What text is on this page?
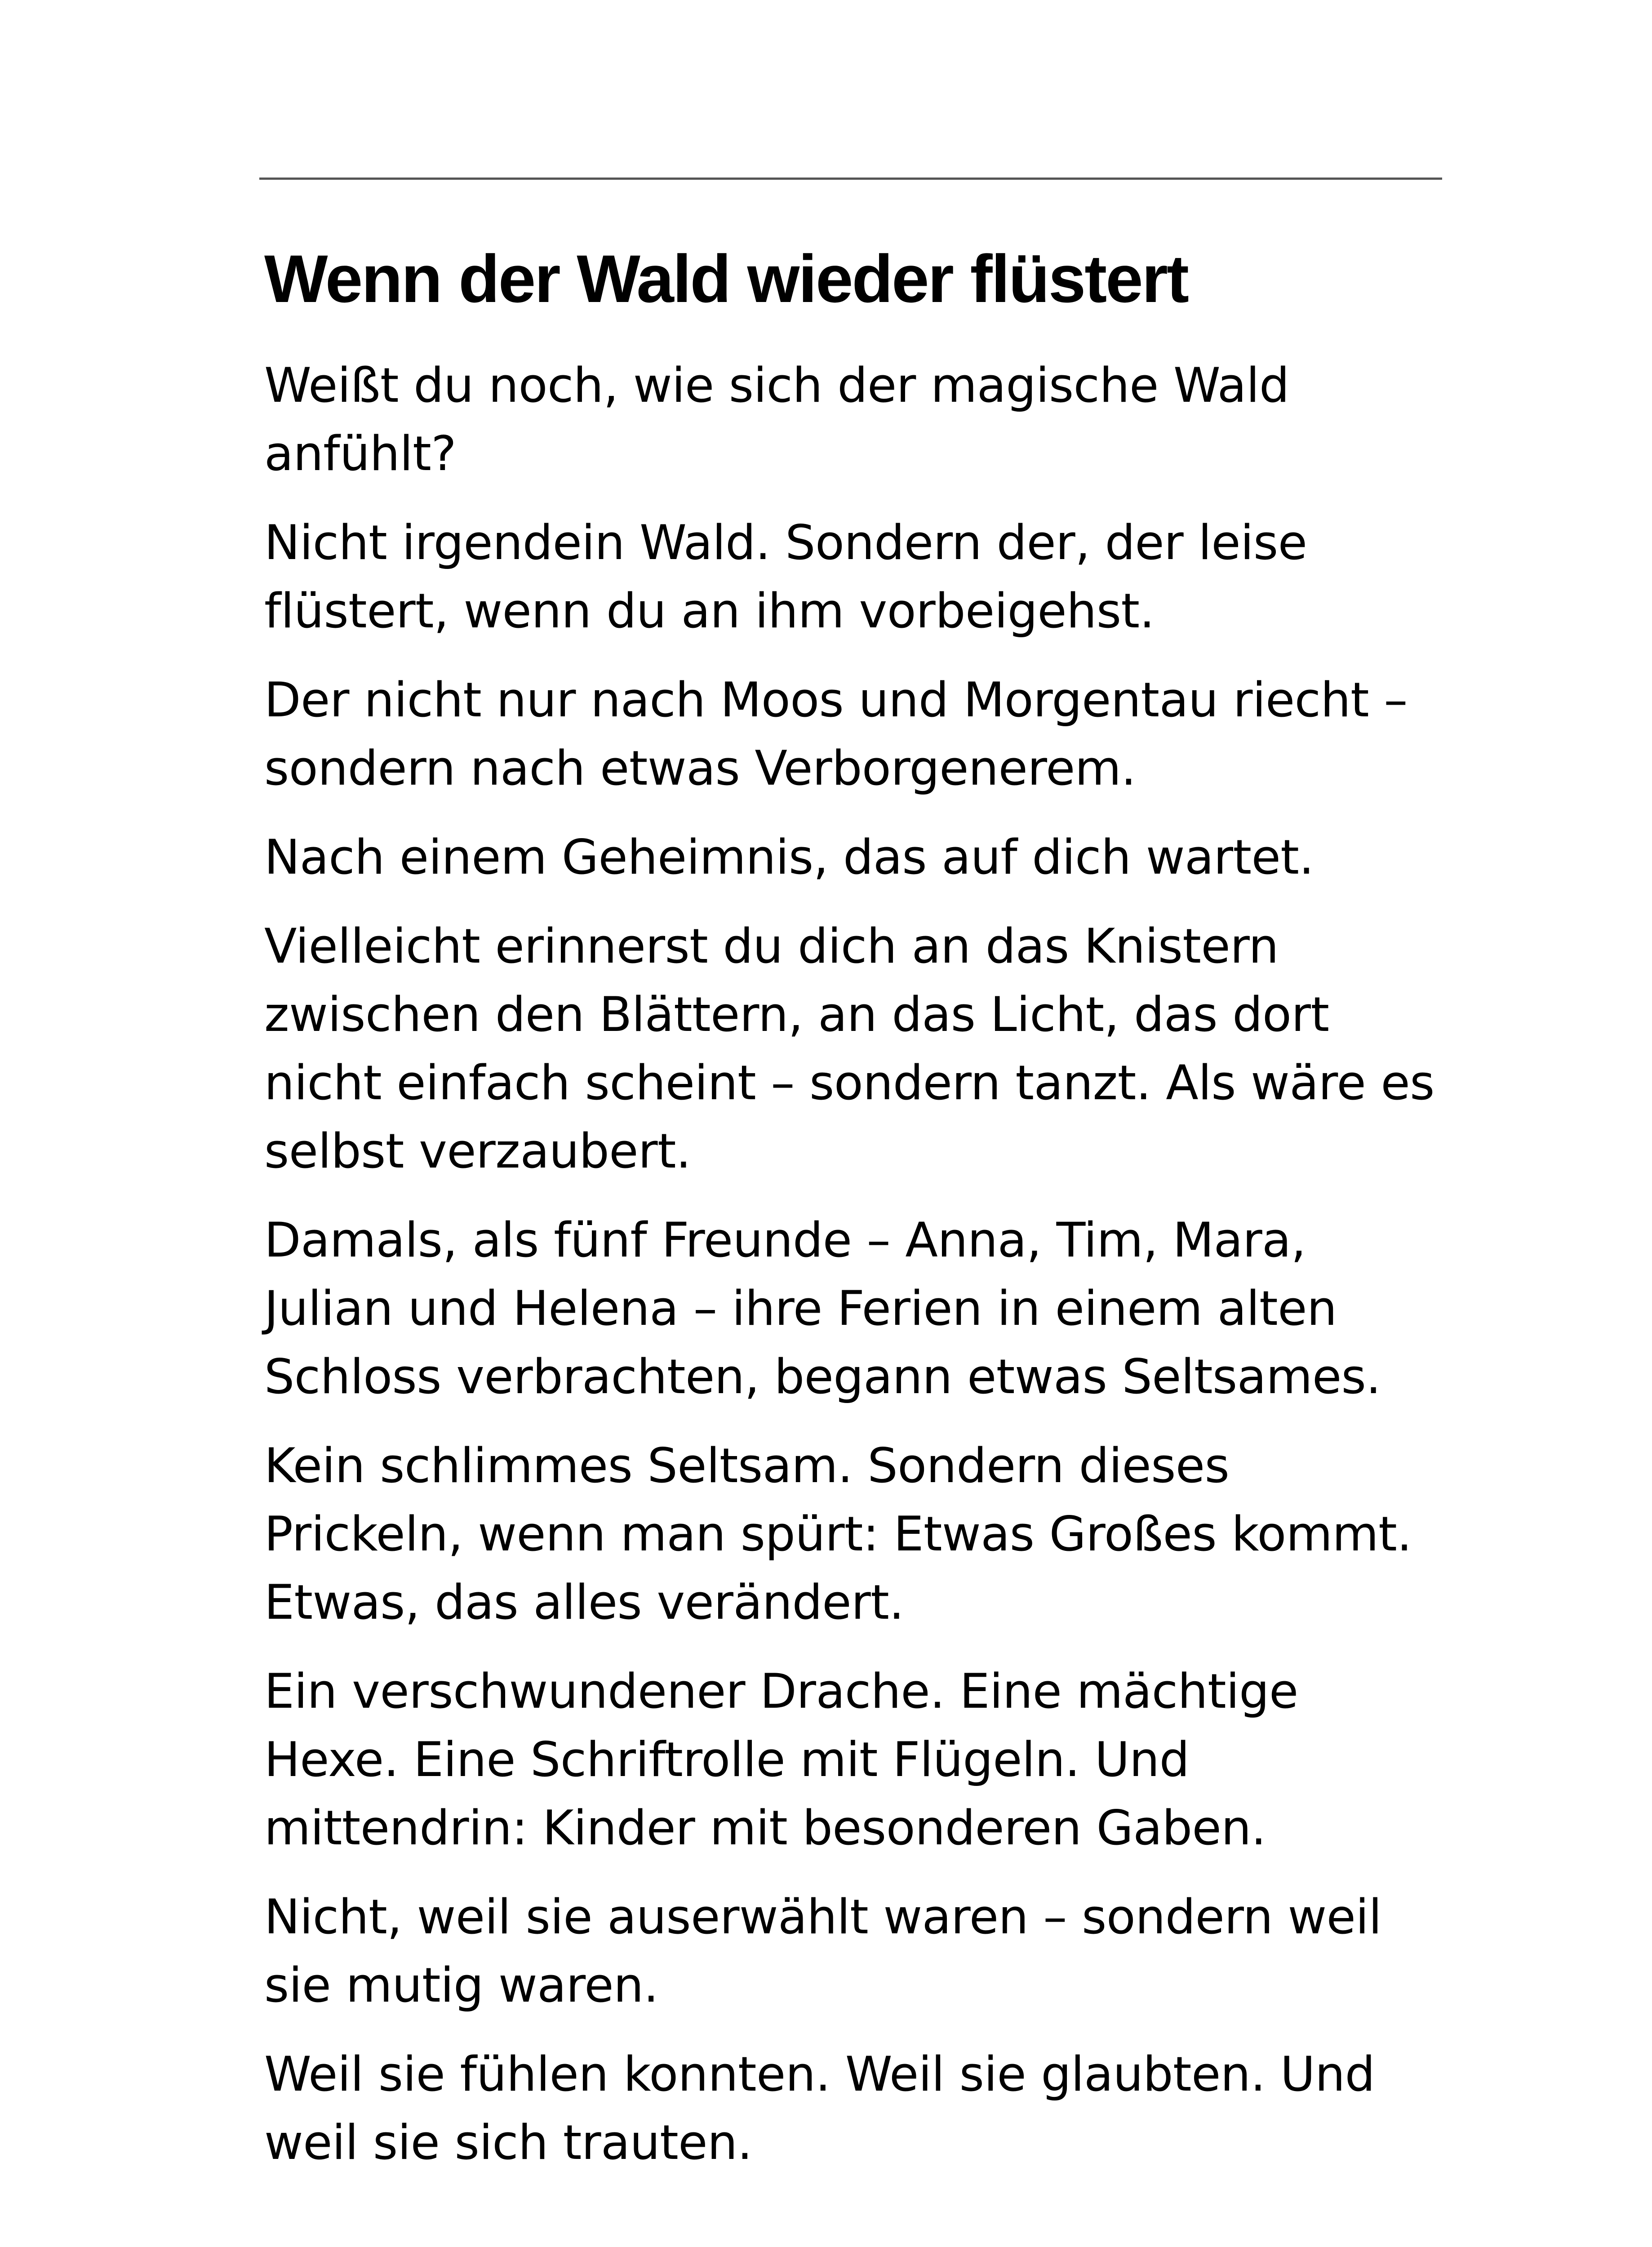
Wenn der Wald wieder flüstert

Weißt du noch, wie sich der magische Wald anfühlt?

Nicht irgendein Wald. Sondern der, der leise flüstert, wenn du an ihm vorbeigehst.

Der nicht nur nach Moos und Morgentau riecht – sondern nach etwas Verborgenerem.

Nach einem Geheimnis, das auf dich wartet.

Vielleicht erinnerst du dich an das Knistern zwischen den Blättern, an das Licht, das dort nicht einfach scheint – sondern tanzt. Als wäre es selbst verzaubert.

Damals, als fünf Freunde – Anna, Tim, Mara, Julian und Helena – ihre Ferien in einem alten Schloss verbrachten, begann etwas Seltsames.

Kein schlimmes Seltsam. Sondern dieses Prickeln, wenn man spürt: Etwas Großes kommt. Etwas, das alles verändert.

Ein verschwundener Drache. Eine mächtige Hexe. Eine Schriftrolle mit Flügeln. Und mittendrin: Kinder mit besonderen Gaben.

Nicht, weil sie auserwählt waren – sondern weil sie mutig waren.

Weil sie fühlen konnten. Weil sie glaubten. Und weil sie sich trauten.
